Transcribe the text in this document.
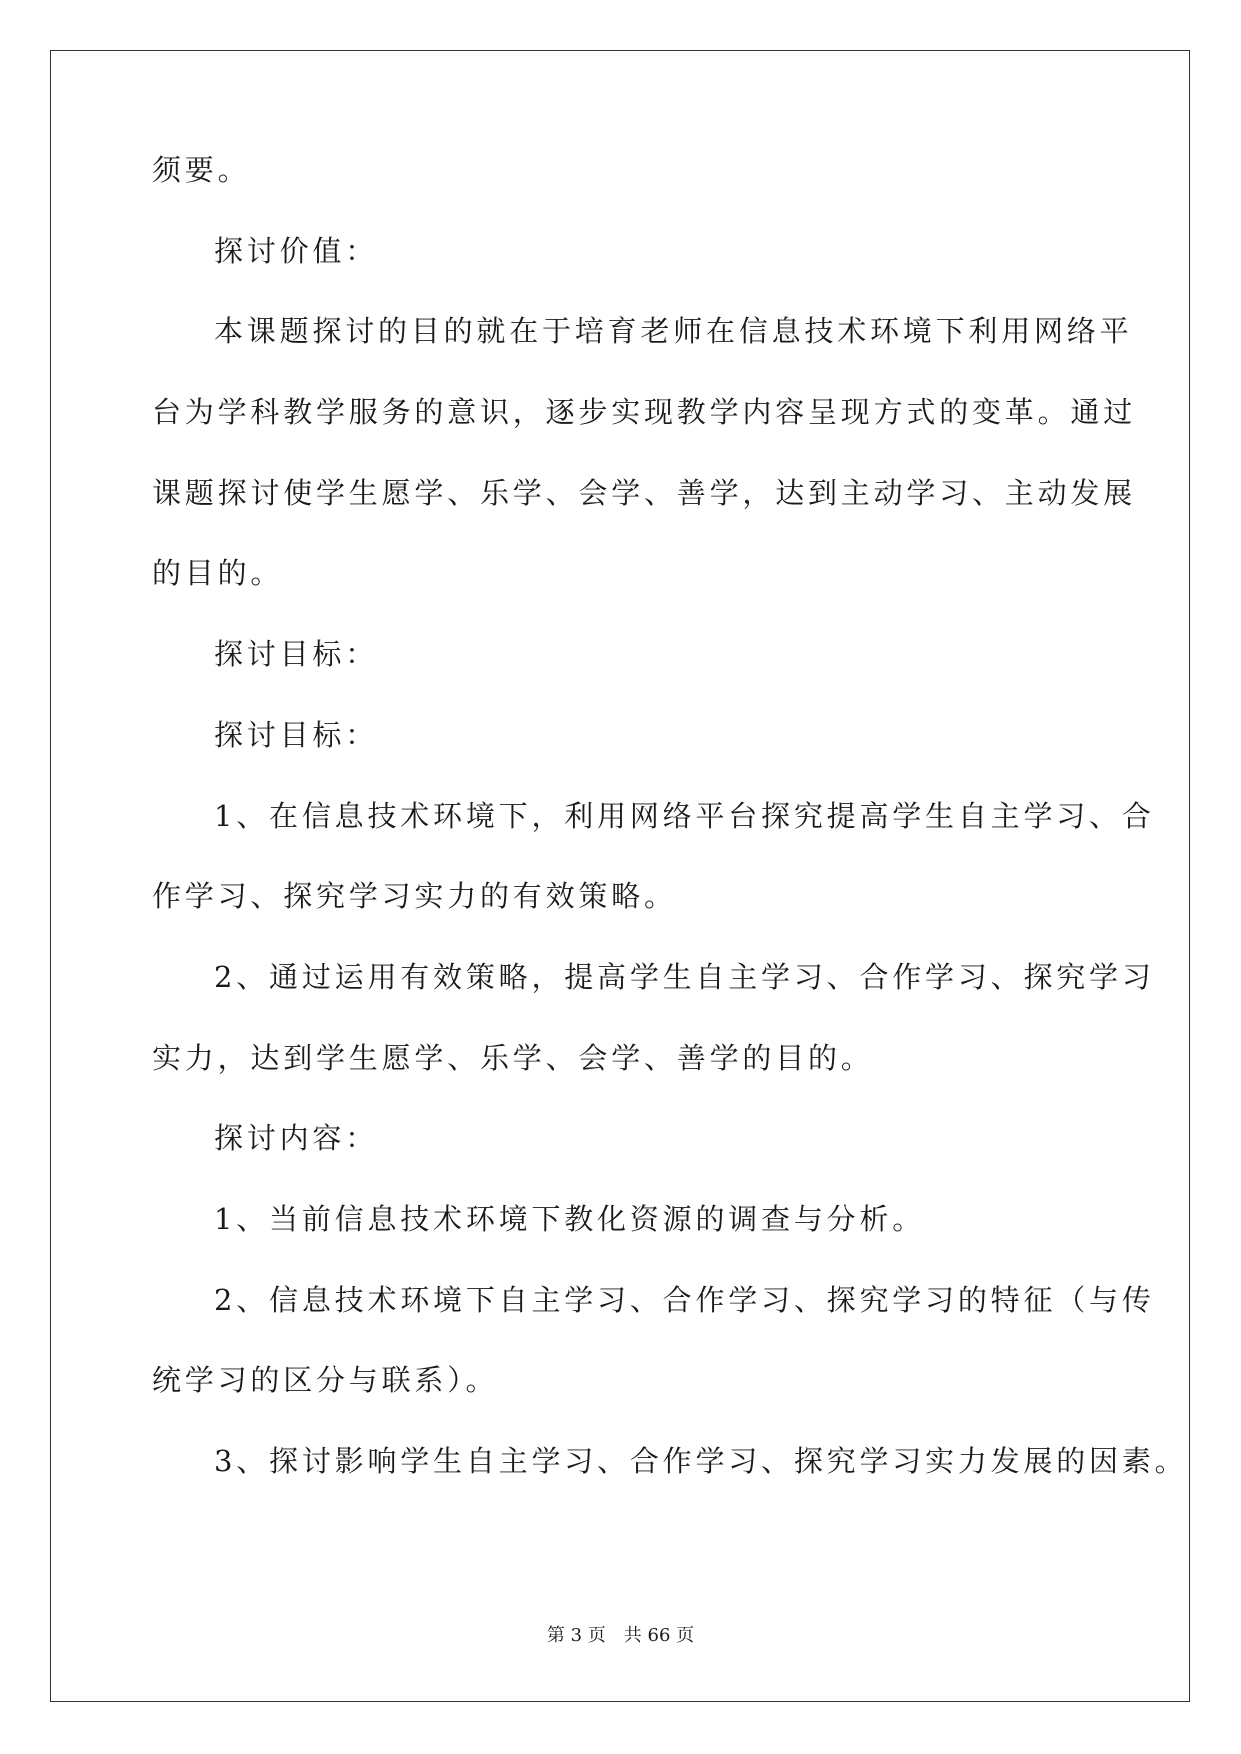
须要。

探讨价值：

本课题探讨的目的就在于培育老师在信息技术环境下利用网络平

台为学科教学服务的意识，逐步实现教学内容呈现方式的变革。通过

课题探讨使学生愿学、乐学、会学、善学，达到主动学习、主动发展

的目的。

探讨目标：

探讨目标：

1、在信息技术环境下，利用网络平台探究提高学生自主学习、合

作学习、探究学习实力的有效策略。

2、通过运用有效策略，提高学生自主学习、合作学习、探究学习

实力，达到学生愿学、乐学、会学、善学的目的。

探讨内容：

1、当前信息技术环境下教化资源的调查与分析。

2、信息技术环境下自主学习、合作学习、探究学习的特征（与传

统学习的区分与联系）。

3、探讨影响学生自主学习、合作学习、探究学习实力发展的因素。

第 3 页 共 66 页
